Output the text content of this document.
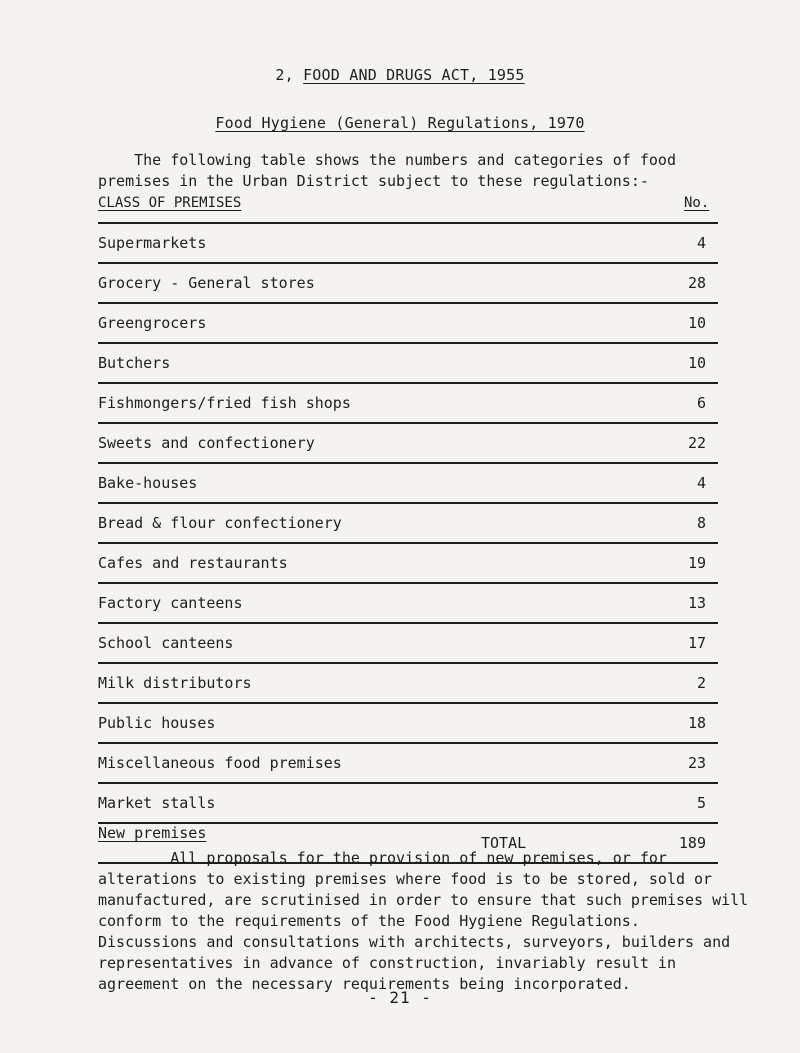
2, FOOD AND DRUGS ACT, 1955
Food Hygiene (General) Regulations, 1970
The following table shows the numbers and categories of food
premises in the Urban District subject to these regulations:-
CLASS OF PREMISES	No.
Supermarkets	4
Grocery - General stores	28
Greengrocers	10
Butchers	10
Fishmongers/fried fish shops	6
Sweets and confectionery	22
Bake-houses	4
Bread & flour confectionery	8
Cafes and restaurants	19
Factory canteens	13
School canteens	17
Milk distributors	2
Public houses	18
Miscellaneous food premises	23
Market stalls	5
TOTAL	189
New premises
All proposals for the provision of new premises, or for
alterations to existing premises where food is to be stored, sold or
manufactured, are scrutinised in order to ensure that such premises will
conform to the requirements of the Food Hygiene Regulations.
Discussions and consultations with architects, surveyors, builders and
representatives in advance of construction, invariably result in
agreement on the necessary requirements being incorporated.
- 21 -
